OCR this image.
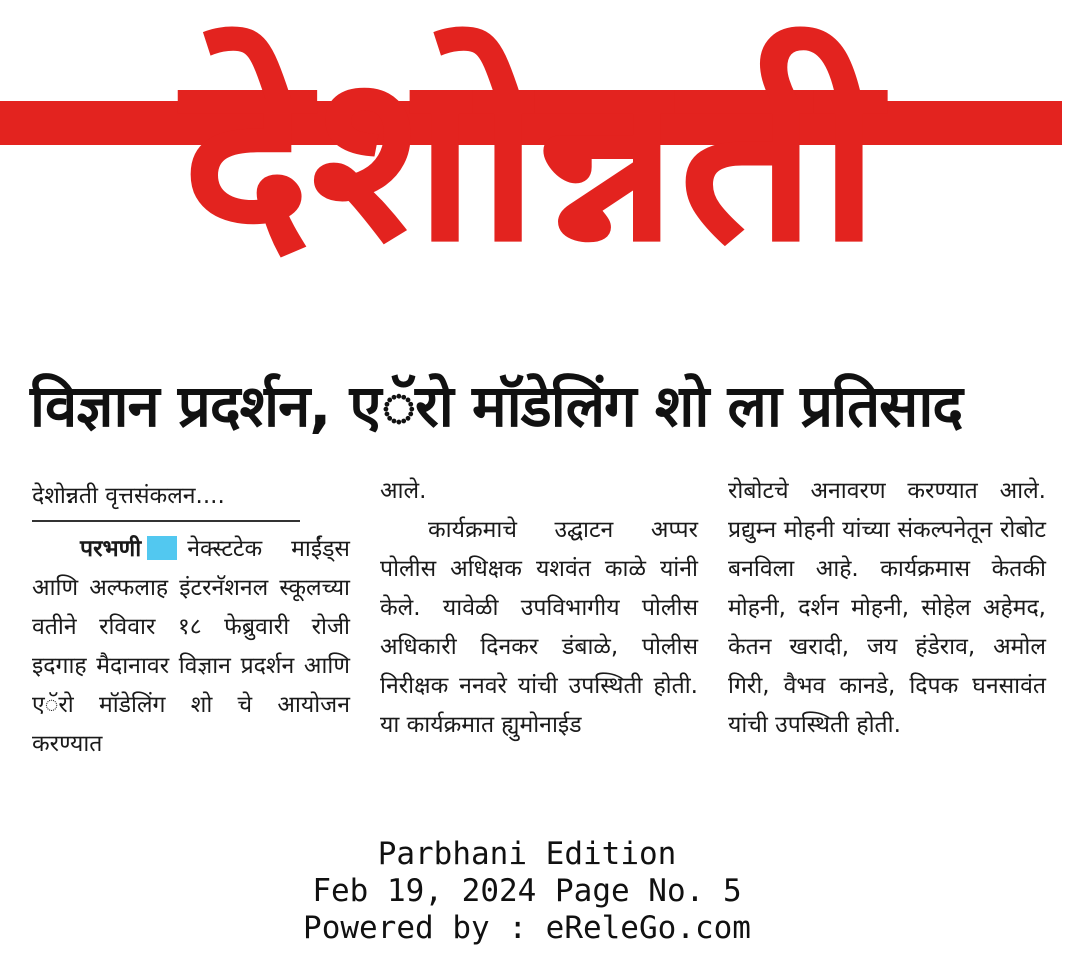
देशोन्नती
विज्ञान प्रदर्शन, एॅरो मॉडेलिंग शो ला प्रतिसाद
देशोन्नती वृत्तसंकलन....

परभणी नेक्स्टटेक माईंड्स आणि अल्फलाह इंटरनॅशनल स्कूलच्या वतीने रविवार १८ फेब्रुवारी रोजी इदगाह मैदानावर विज्ञान प्रदर्शन आणि एॅरो मॉडेलिंग शो चे आयोजन करण्यात

आले.

कार्यक्रमाचे उद्घाटन अप्पर पोलीस अधिक्षक यशवंत काळे यांनी केले. यावेळी उपविभागीय पोलीस अधिकारी दिनकर डंबाळे, पोलीस निरीक्षक ननवरे यांची उपस्थिती होती. या कार्यक्रमात ह्युमोनाईड

रोबोटचे अनावरण करण्यात आले. प्रद्युम्न मोहनी यांच्या संकल्पनेतून रोबोट बनविला आहे. कार्यक्रमास केतकी मोहनी, दर्शन मोहनी, सोहेल अहेमद, केतन खरादी, जय हंडेराव, अमोल गिरी, वैभव कानडे, दिपक घनसावंत यांची उपस्थिती होती.

Parbhani Edition
Feb 19, 2024 Page No. 5
Powered by : eReleGo.com
